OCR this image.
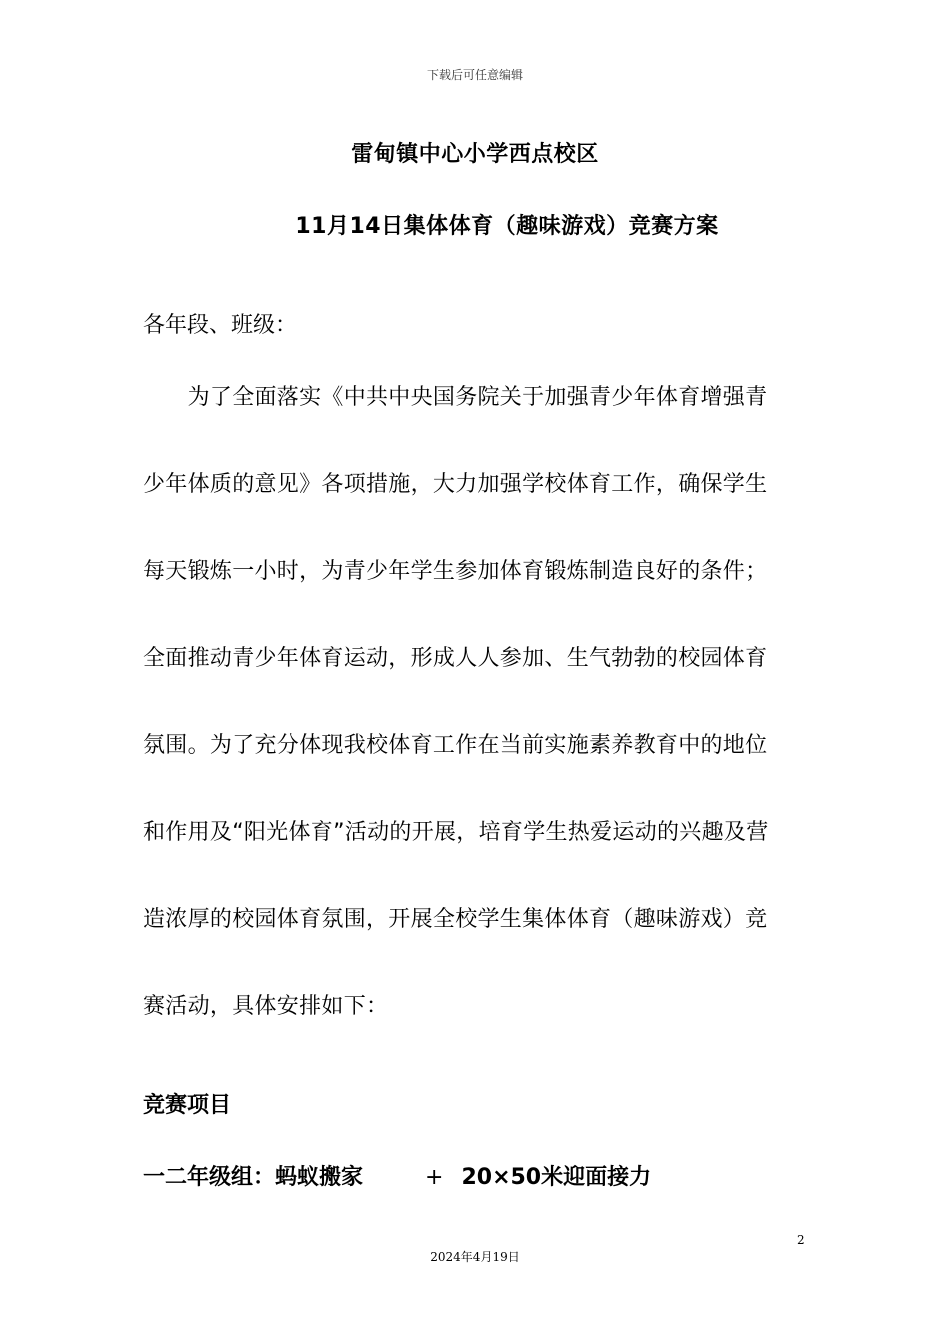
下载后可任意编辑
雷甸镇中心小学西点校区
11月14日集体体育（趣味游戏）竞赛方案
各年段、班级：
　　为了全面落实《中共中央国务院关于加强青少年体育增强青
少年体质的意见》各项措施，大力加强学校体育工作，确保学生
每天锻炼一小时，为青少年学生参加体育锻炼制造良好的条件；
全面推动青少年体育运动，形成人人参加、生气勃勃的校园体育
氛围。为了充分体现我校体育工作在当前实施素养教育中的地位
和作用及“阳光体育”活动的开展，培育学生热爱运动的兴趣及营
造浓厚的校园体育氛围，开展全校学生集体体育（趣味游戏）竞
赛活动，具体安排如下：
竞赛项目
一二年级组：蚂蚁搬家	+ 20×50米迎面接力
2
2024年4月19日
